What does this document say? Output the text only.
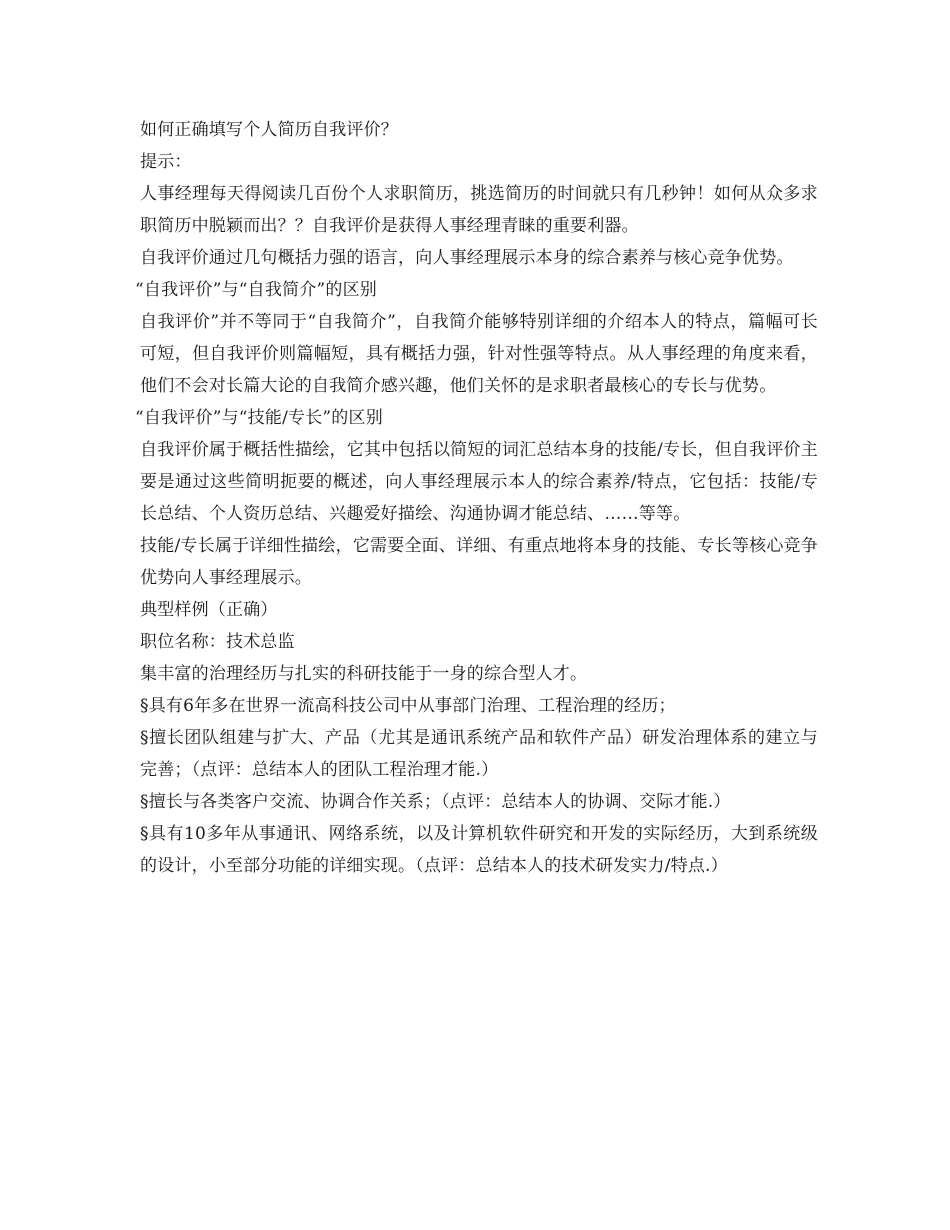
如何正确填写个人简历自我评价？

提示：

人事经理每天得阅读几百份个人求职简历，挑选简历的时间就只有几秒钟！如何从众多求职简历中脱颖而出？？自我评价是获得人事经理青睐的重要利器。

自我评价通过几句概括力强的语言，向人事经理展示本身的综合素养与核心竞争优势。

“自我评价”与“自我简介”的区别

自我评价”并不等同于“自我简介”，自我简介能够特别详细的介绍本人的特点，篇幅可长可短，但自我评价则篇幅短，具有概括力强，针对性强等特点。从人事经理的角度来看，他们不会对长篇大论的自我简介感兴趣，他们关怀的是求职者最核心的专长与优势。

“自我评价”与“技能/专长”的区别

自我评价属于概括性描绘，它其中包括以简短的词汇总结本身的技能/专长，但自我评价主要是通过这些简明扼要的概述，向人事经理展示本人的综合素养/特点，它包括：技能/专长总结、个人资历总结、兴趣爱好描绘、沟通协调才能总结、……等等。

技能/专长属于详细性描绘，它需要全面、详细、有重点地将本身的技能、专长等核心竞争优势向人事经理展示。

典型样例（正确）

职位名称：技术总监

集丰富的治理经历与扎实的科研技能于一身的综合型人才。

§具有6年多在世界一流高科技公司中从事部门治理、工程治理的经历；

§擅长团队组建与扩大、产品（尤其是通讯系统产品和软件产品）研发治理体系的建立与完善；（点评：总结本人的团队工程治理才能.）

§擅长与各类客户交流、协调合作关系；（点评：总结本人的协调、交际才能.）

§具有10多年从事通讯、网络系统，以及计算机软件研究和开发的实际经历，大到系统级的设计，小至部分功能的详细实现。（点评：总结本人的技术研发实力/特点.）
